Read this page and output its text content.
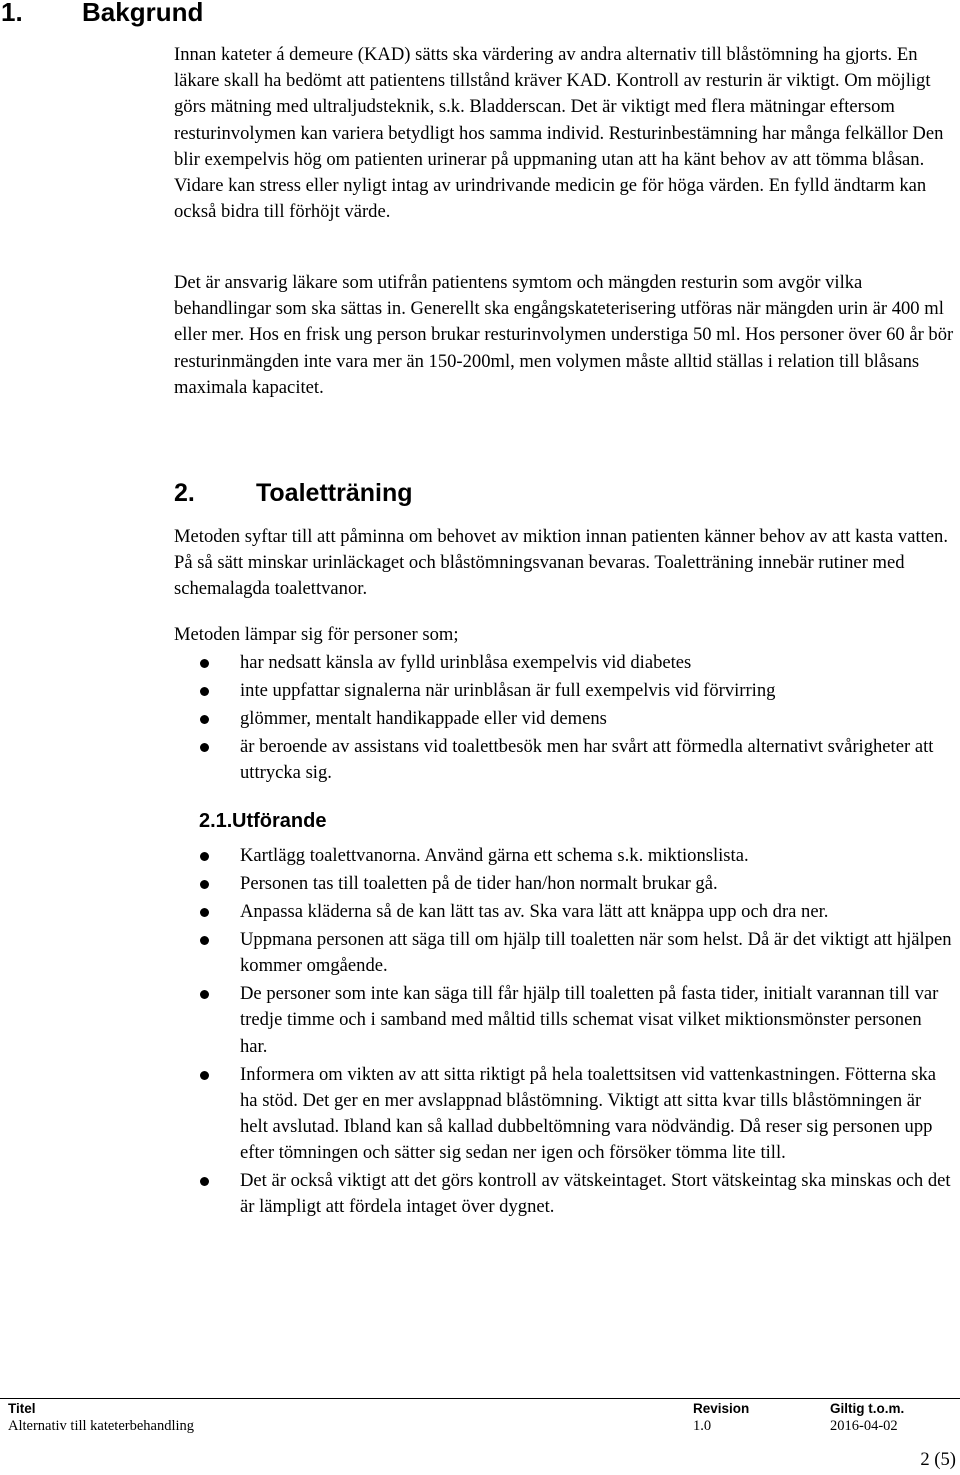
1. Bakgrund

Innan kateter á demeure (KAD) sätts ska värdering av andra alternativ till blåstömning ha gjorts. En läkare skall ha bedömt att patientens tillstånd kräver KAD. Kontroll av resturin är viktigt. Om möjligt görs mätning med ultraljudsteknik, s.k. Bladderscan. Det är viktigt med flera mätningar eftersom resturinvolymen kan variera betydligt hos samma individ. Resturinbestämning har många felkällor Den blir exempelvis hög om patienten urinerar på uppmaning utan att ha känt behov av att tömma blåsan. Vidare kan stress eller nyligt intag av urindrivande medicin ge för höga värden. En fylld ändtarm kan också bidra till förhöjt värde.

Det är ansvarig läkare som utifrån patientens symtom och mängden resturin som avgör vilka behandlingar som ska sättas in. Generellt ska engångskateterisering utföras när mängden urin är 400 ml eller mer. Hos en frisk ung person brukar resturinvolymen understiga 50 ml. Hos personer över 60 år bör resturinmängden inte vara mer än 150-200ml, men volymen måste alltid ställas i relation till blåsans maximala kapacitet.

2. Toaletträning

Metoden syftar till att påminna om behovet av miktion innan patienten känner behov av att kasta vatten. På så sätt minskar urinläckaget och blåstömningsvanan bevaras. Toaletträning innebär rutiner med schemalagda toalettvanor.

Metoden lämpar sig för personer som;

har nedsatt känsla av fylld urinblåsa exempelvis vid diabetes
inte uppfattar signalerna när urinblåsan är full exempelvis vid förvirring
glömmer, mentalt handikappade eller vid demens
är beroende av assistans vid toalettbesök men har svårt att förmedla alternativt svårigheter att uttrycka sig.
2.1.Utförande
Kartlägg toalettvanorna. Använd gärna ett schema s.k. miktionslista.
Personen tas till toaletten på de tider han/hon normalt brukar gå.
Anpassa kläderna så de kan lätt tas av. Ska vara lätt att knäppa upp och dra ner.
Uppmana personen att säga till om hjälp till toaletten när som helst. Då är det viktigt att hjälpen kommer omgående.
De personer som inte kan säga till får hjälp till toaletten på fasta tider, initialt varannan till var tredje timme och i samband med måltid tills schemat visat vilket miktionsmönster personen har.
Informera om vikten av att sitta riktigt på hela toalettsitsen vid vattenkastningen. Fötterna ska ha stöd. Det ger en mer avslappnad blåstömning. Viktigt att sitta kvar tills blåstömningen är helt avslutad. Ibland kan så kallad dubbeltömning vara nödvändig. Då reser sig personen upp efter tömningen och sätter sig sedan ner igen och försöker tömma lite till.
Det är också viktigt att det görs kontroll av vätskeintaget. Stort vätskeintag ska minskas och det är lämpligt att fördela intaget över dygnet.
Titel
Alternativ till kateterbehandling
Revision
1.0
Giltig t.o.m.
2016-04-02
2 (5)
